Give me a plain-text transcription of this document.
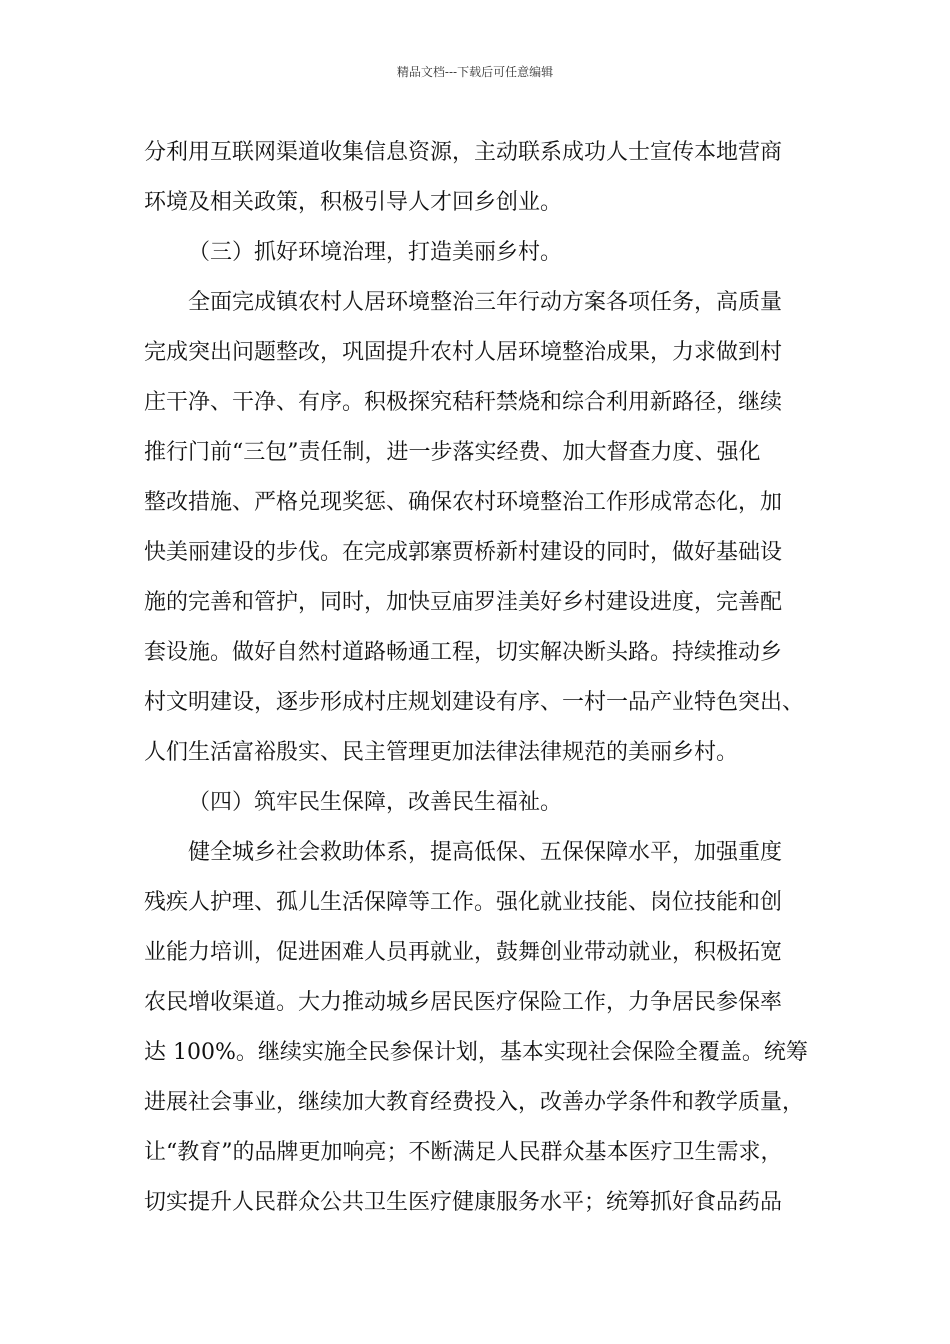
精品文档---下载后可任意编辑
分利用互联网渠道收集信息资源，主动联系成功人士宣传本地营商
环境及相关政策，积极引导人才回乡创业。
（三）抓好环境治理，打造美丽乡村。
全面完成镇农村人居环境整治三年行动方案各项任务，高质量
完成突出问题整改，巩固提升农村人居环境整治成果，力求做到村
庄干净、干净、有序。积极探究秸秆禁烧和综合利用新路径，继续
推行门前“三包”责任制，进一步落实经费、加大督查力度、强化
整改措施、严格兑现奖惩、确保农村环境整治工作形成常态化，加
快美丽建设的步伐。在完成郭寨贾桥新村建设的同时，做好基础设
施的完善和管护，同时，加快豆庙罗洼美好乡村建设进度，完善配
套设施。做好自然村道路畅通工程，切实解决断头路。持续推动乡
村文明建设，逐步形成村庄规划建设有序、一村一品产业特色突出、
人们生活富裕殷实、民主管理更加法律法律规范的美丽乡村。
（四）筑牢民生保障，改善民生福祉。
健全城乡社会救助体系，提高低保、五保保障水平，加强重度
残疾人护理、孤儿生活保障等工作。强化就业技能、岗位技能和创
业能力培训，促进困难人员再就业，鼓舞创业带动就业，积极拓宽
农民增收渠道。大力推动城乡居民医疗保险工作，力争居民参保率
达 100%。继续实施全民参保计划，基本实现社会保险全覆盖。统筹
进展社会事业，继续加大教育经费投入，改善办学条件和教学质量，
让“教育”的品牌更加响亮；不断满足人民群众基本医疗卫生需求，
切实提升人民群众公共卫生医疗健康服务水平；统筹抓好食品药品
